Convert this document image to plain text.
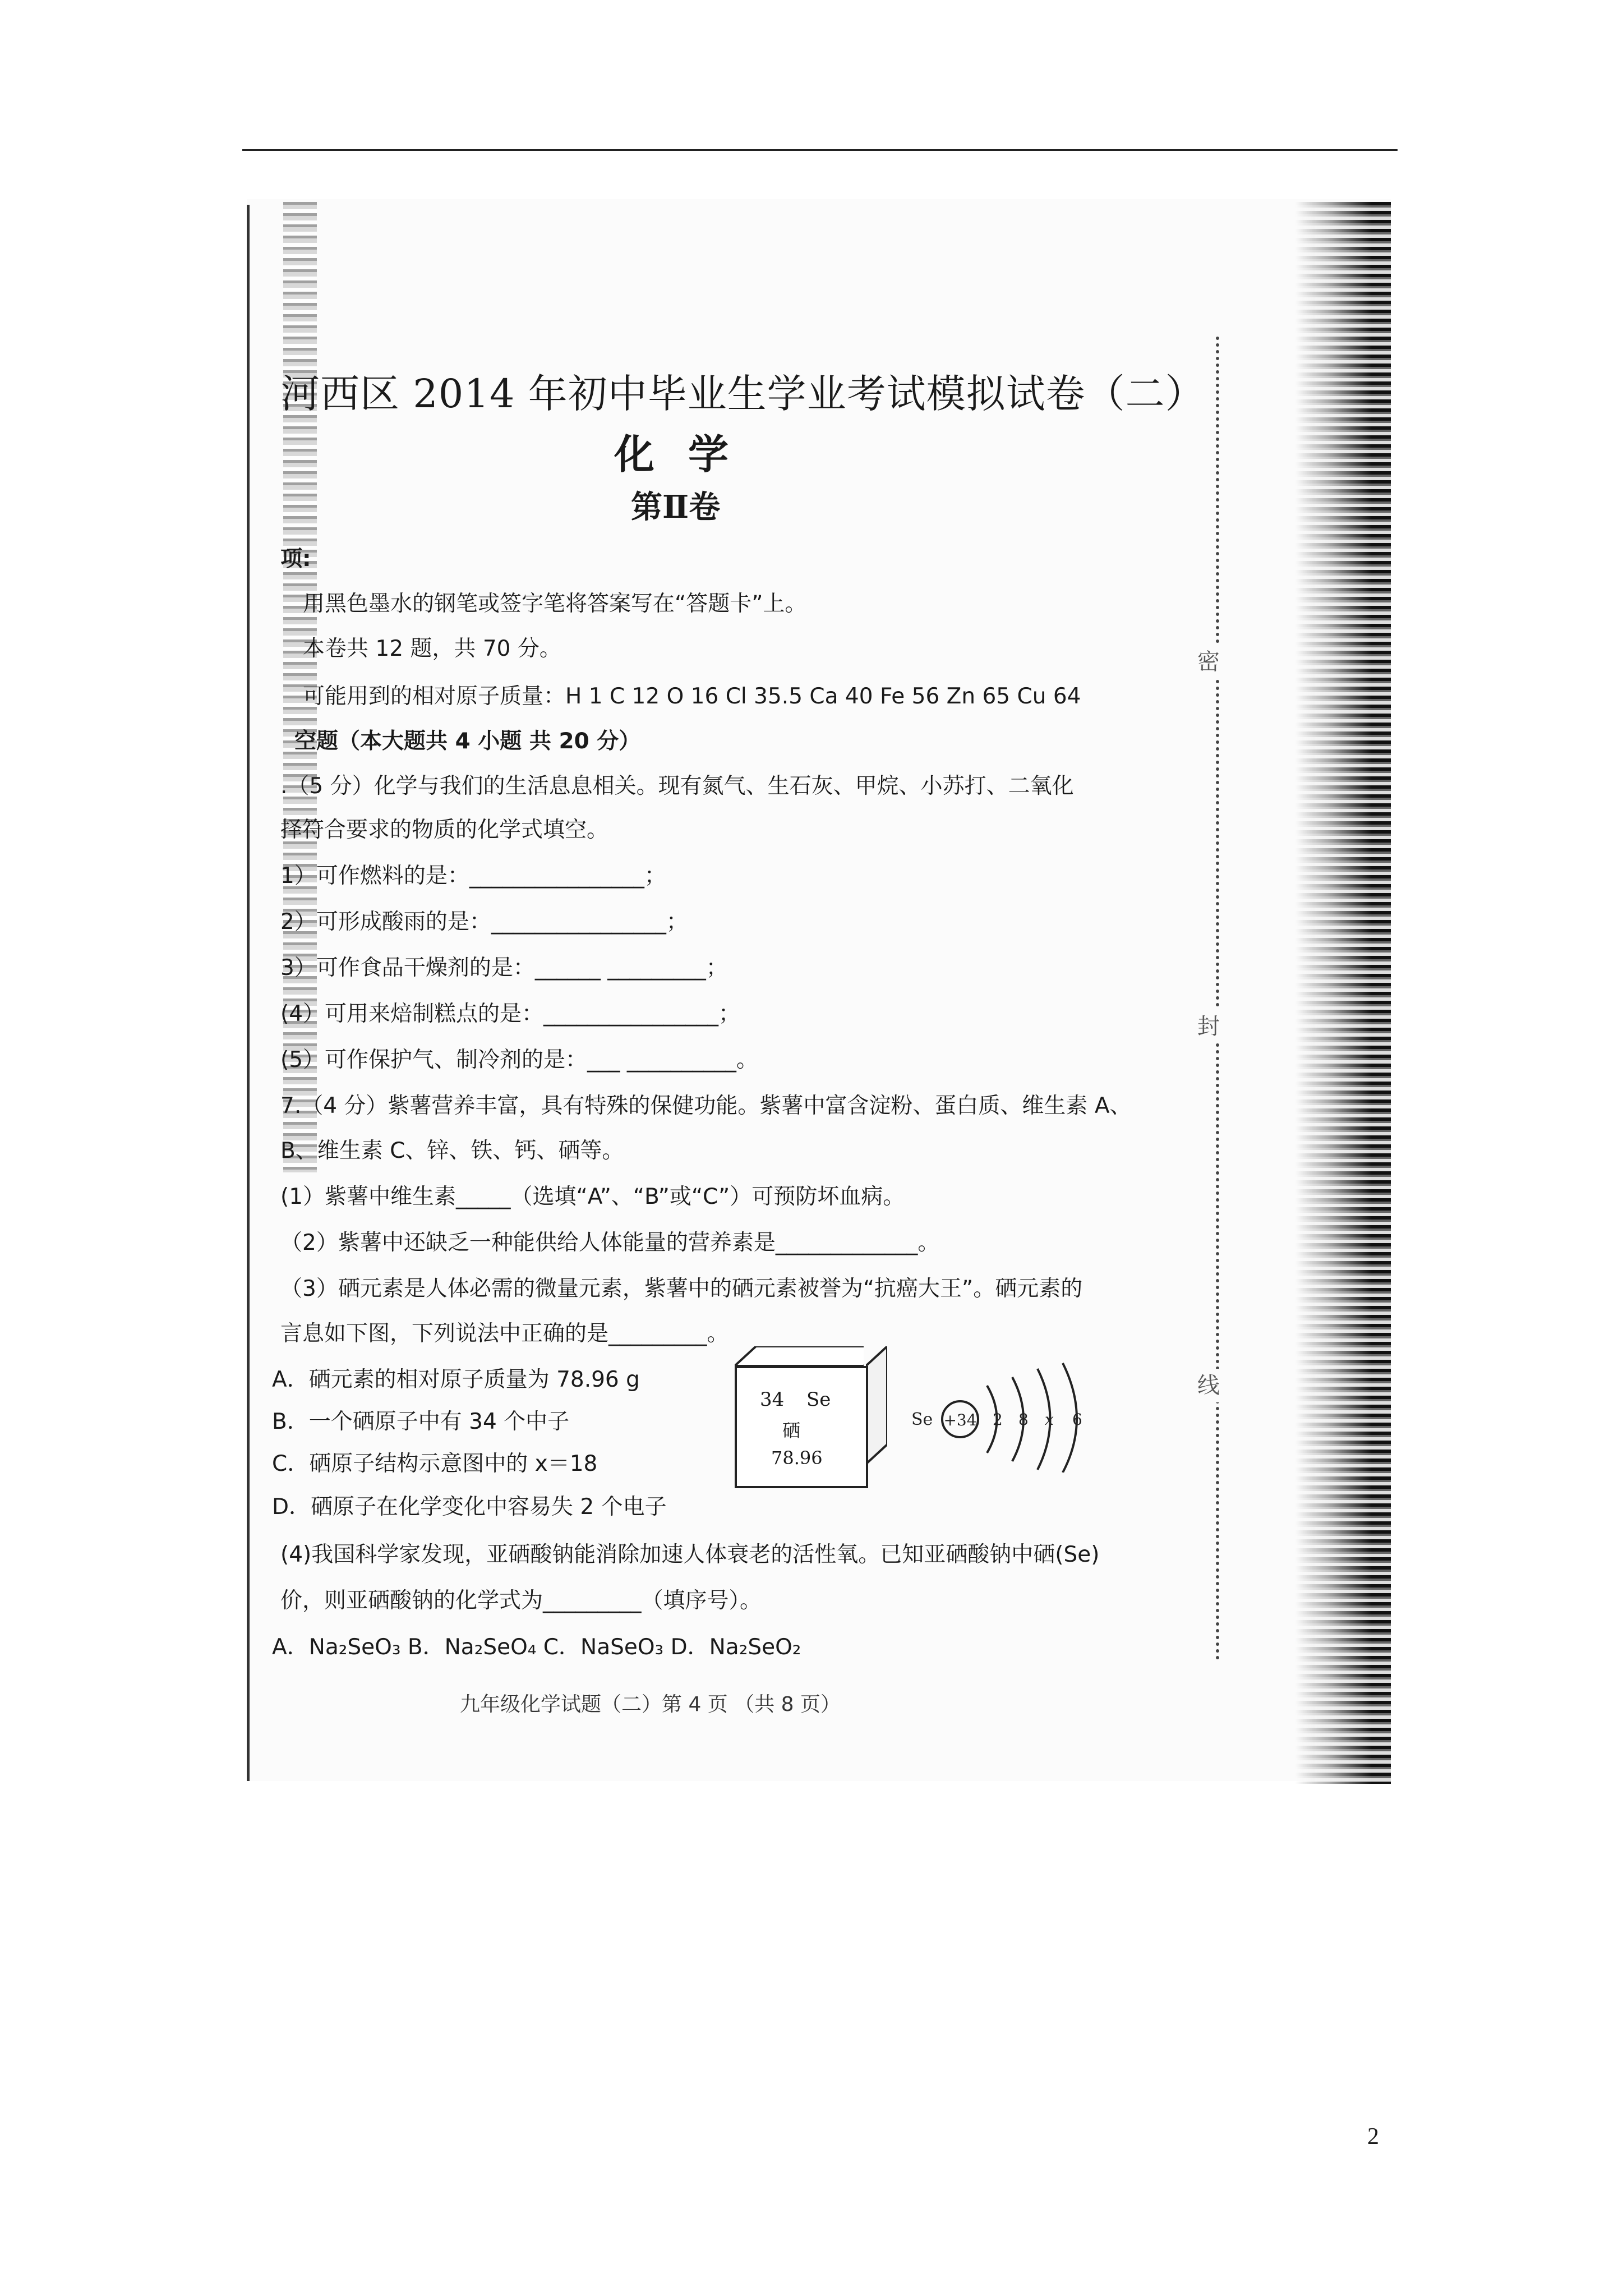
密
封
线
河西区 2014 年初中毕业生学业考试模拟试卷（二）
化学
第Ⅱ卷
项:
用黑色墨水的钢笔或签字笔将答案写在“答题卡”上。
本卷共 12 题，共 70 分。
可能用到的相对原子质量：H 1 C 12 O 16 Cl 35.5 Ca 40 Fe 56 Zn 65 Cu 64
空题（本大题共 4 小题 共 20 分）
.（5 分）化学与我们的生活息息相关。现有氮气、生石灰、甲烷、小苏打、二氧化
择符合要求的物质的化学式填空。
1）可作燃料的是：________________；
2）可形成酸雨的是：________________；
3）可作食品干燥剂的是：______ _________；
(4）可用来焙制糕点的是：________________；
(5）可作保护气、制冷剂的是：___ __________。
7.（4 分）紫薯营养丰富，具有特殊的保健功能。紫薯中富含淀粉、蛋白质、维生素 A、
B、维生素 C、锌、铁、钙、硒等。
(1）紫薯中维生素_____（选填“A”、“B”或“C”）可预防坏血病。
（2）紫薯中还缺乏一种能供给人体能量的营养素是_____________。
（3）硒元素是人体必需的微量元素，紫薯中的硒元素被誉为“抗癌大王”。硒元素的
言息如下图，下列说法中正确的是_________。
A．硒元素的相对原子质量为 78.96 g
B．一个硒原子中有 34 个中子
C．硒原子结构示意图中的 x＝18
D．硒原子在化学变化中容易失 2 个电子
34 Se
硒
78.96
Se +34 2 8 x 6
(4)我国科学家发现，亚硒酸钠能消除加速人体衰老的活性氧。已知亚硒酸钠中硒(Se)
价，则亚硒酸钠的化学式为_________（填序号）。
A．Na₂SeO₃ B．Na₂SeO₄ C．NaSeO₃ D．Na₂SeO₂
九年级化学试题（二）第 4 页 （共 8 页）
2
